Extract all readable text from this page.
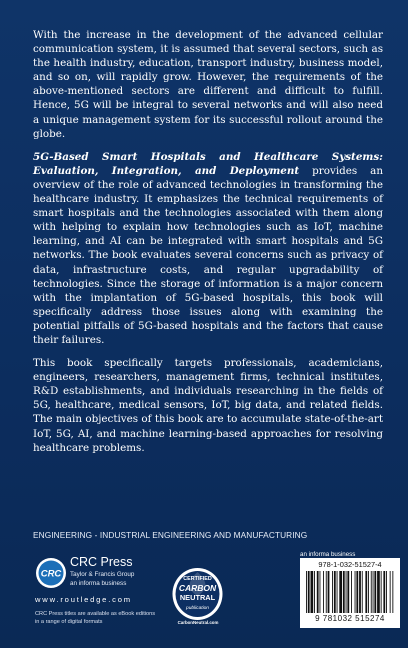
With the increase in the development of the advanced cellular communication system, it is assumed that several sectors, such as the health industry, education, transport industry, business model, and so on, will rapidly grow. However, the requirements of the above-mentioned sectors are different and difficult to fulfill. Hence, 5G will be integral to several networks and will also need a unique management system for its successful rollout around the globe.

5G-Based Smart Hospitals and Healthcare Systems: Evaluation, Integration, and Deployment provides an overview of the role of advanced technologies in transforming the healthcare industry. It emphasizes the technical requirements of smart hospitals and the technologies associated with them along with helping to explain how technologies such as IoT, machine learning, and AI can be integrated with smart hospitals and 5G networks. The book evaluates several concerns such as privacy of data, infrastructure costs, and regular upgradability of technologies. Since the storage of information is a major concern with the implantation of 5G-based hospitals, this book will specifically address those issues along with examining the potential pitfalls of 5G-based hospitals and the factors that cause their failures.

This book specifically targets professionals, academicians, engineers, researchers, management firms, technical institutes, R&D establishments, and individuals researching in the fields of 5G, healthcare, medical sensors, IoT, big data, and related fields. The main objectives of this book are to accumulate state-of-the-art IoT, 5G, AI, and machine learning-based approaches for resolving healthcare problems.

ENGINEERING - INDUSTRIAL ENGINEERING AND MANUFACTURING
an informa business
CRC
CRC Press
Taylor & Francis Group
an informa business
www.routledge.com
CRC Press titles are available as eBook editions
in a range of digital formats
CERTIFIED
CARBON
NEUTRAL
publication
CarbonNeutral.com
978-1-032-51527-4
9 781032 515274
